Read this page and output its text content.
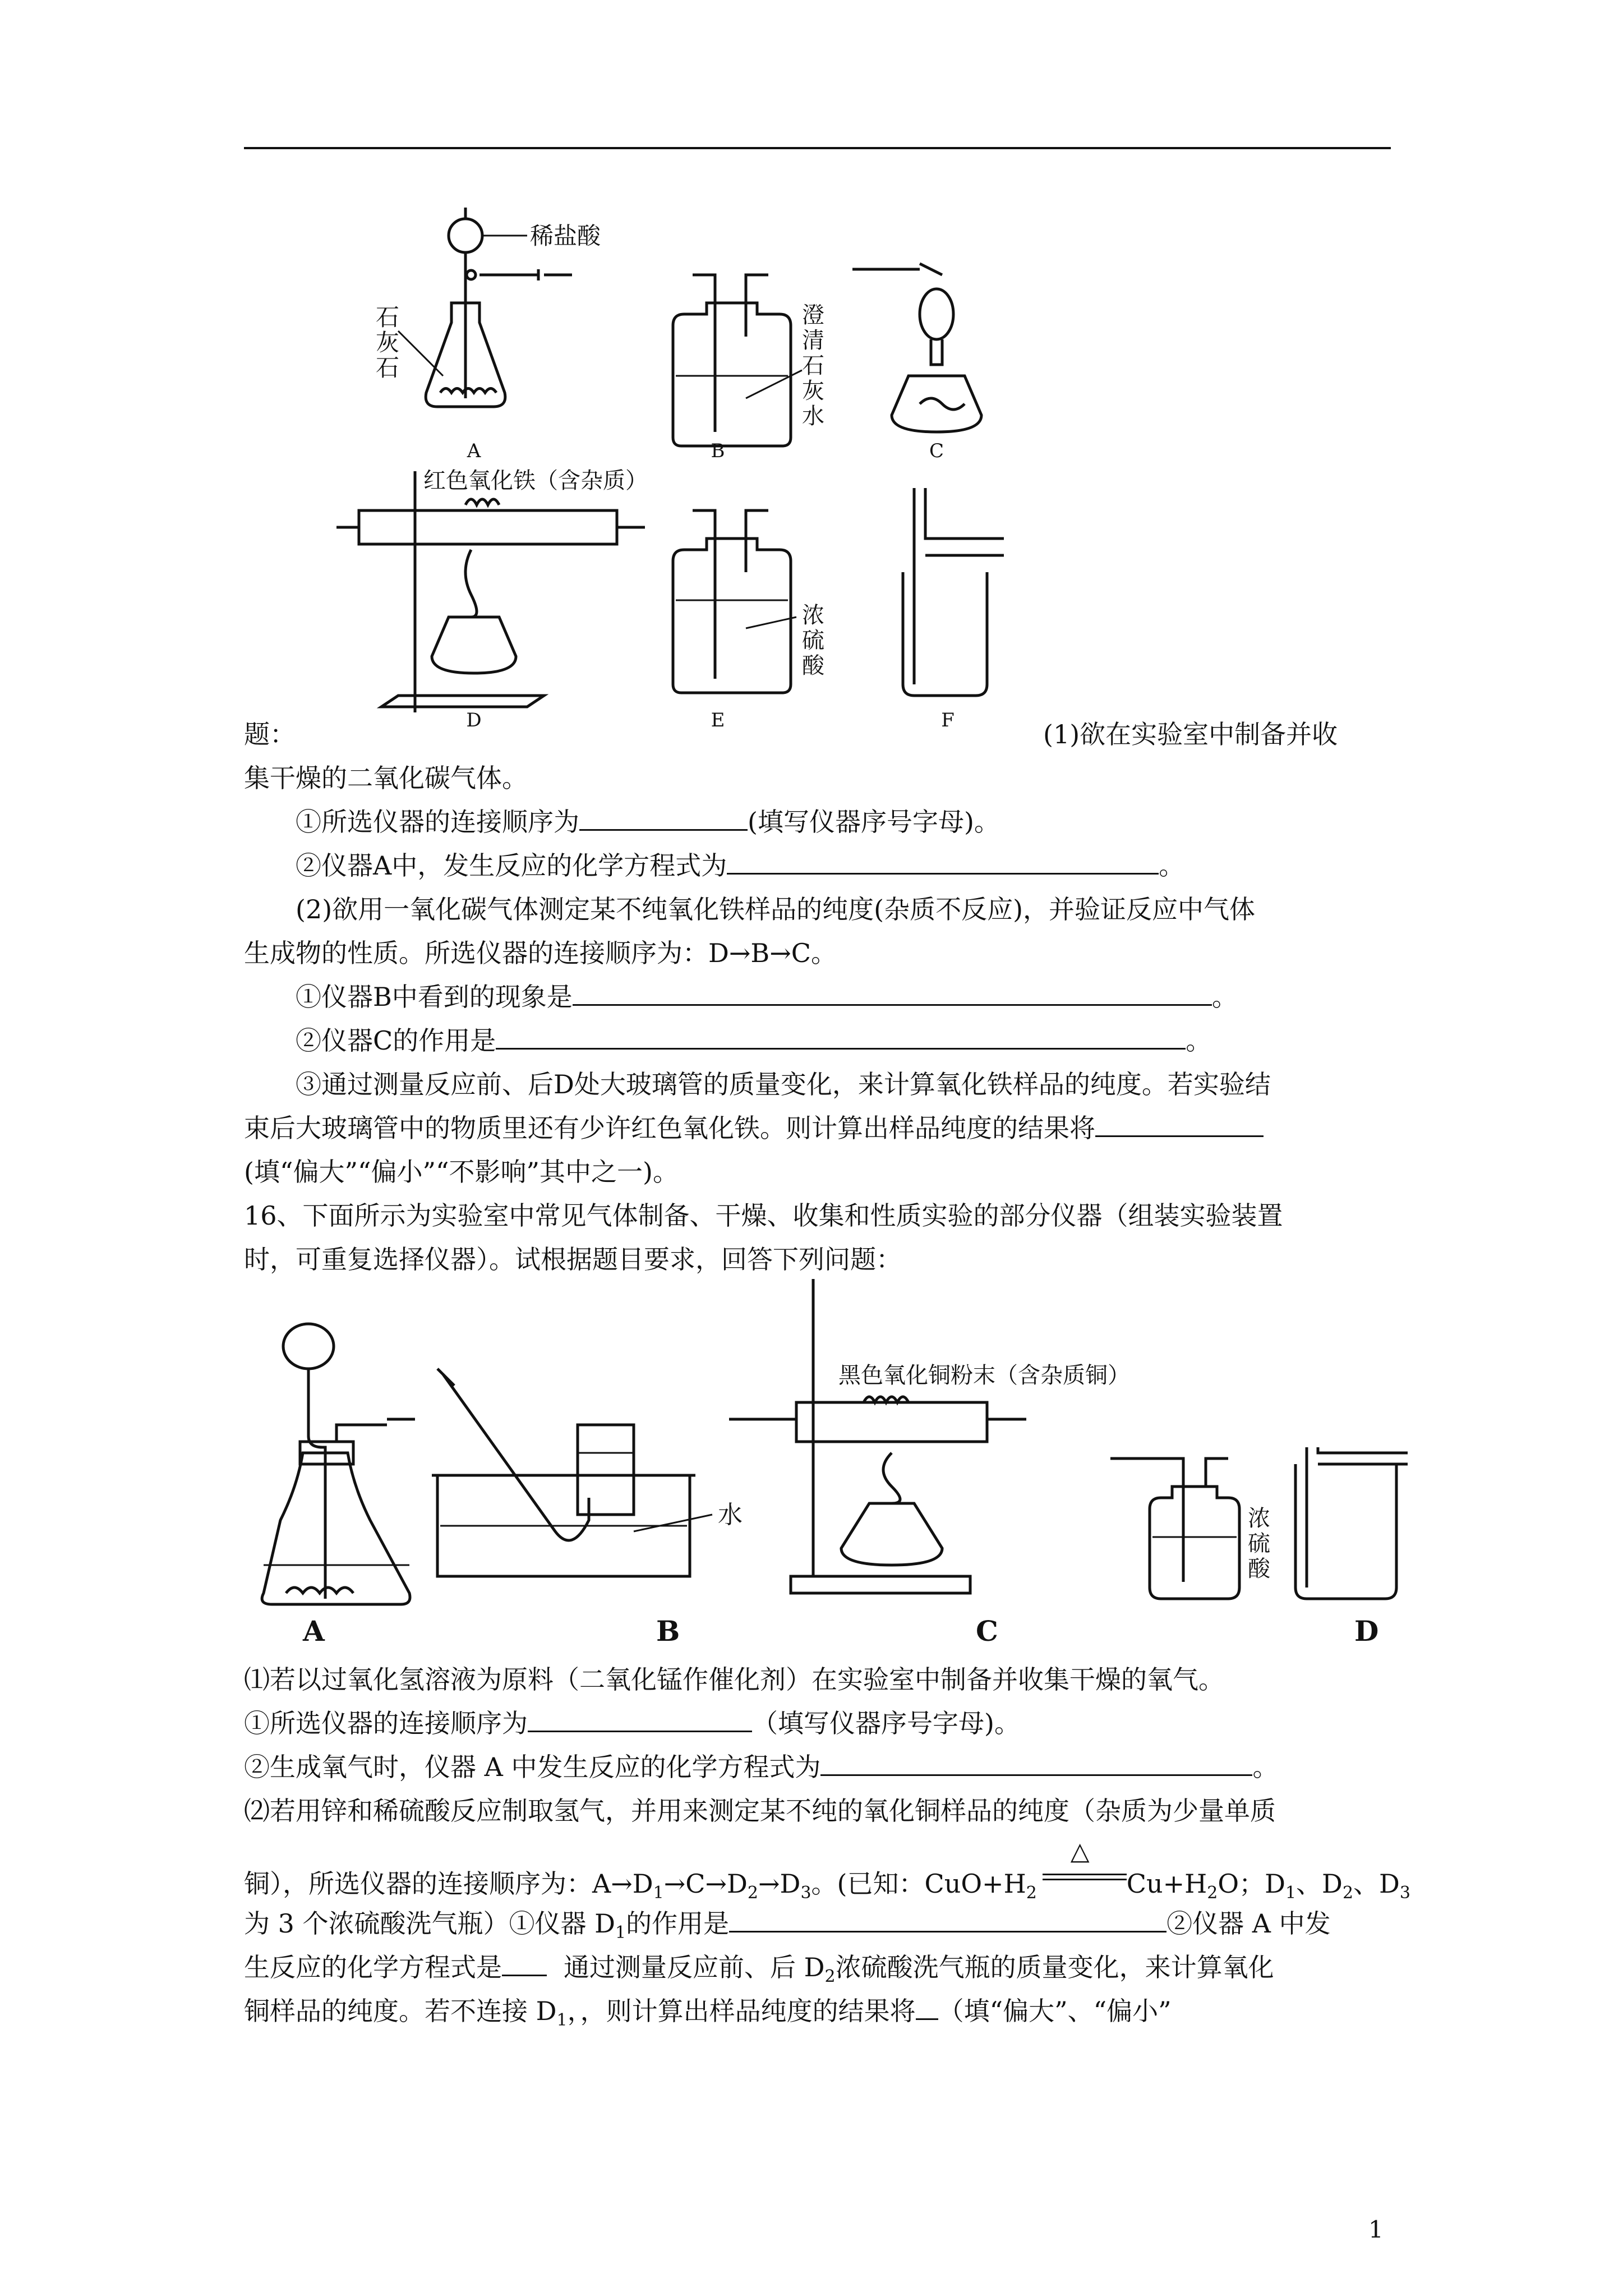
稀盐酸
石
灰
石
澄
清
石
灰
水
红色氧化铁（含杂质）
浓
硫
酸
A	B	C
D	E	F
题：	(1)欲在实验室中制备并收
集干燥的二氧化碳气体。
①所选仪器的连接顺序为	(填写仪器序号字母)。
②仪器A中，发生反应的化学方程式为	。
(2)欲用一氧化碳气体测定某不纯氧化铁样品的纯度(杂质不反应)，并验证反应中气体
生成物的性质。所选仪器的连接顺序为：D→B→C。
①仪器B中看到的现象是	。
②仪器C的作用是	。
③通过测量反应前、后D处大玻璃管的质量变化，来计算氧化铁样品的纯度。若实验结
束后大玻璃管中的物质里还有少许红色氧化铁。则计算出样品纯度的结果将
(填“偏大”“偏小”“不影响”其中之一)。
16、下面所示为实验室中常见气体制备、干燥、收集和性质实验的部分仪器（组装实验装置
时，可重复选择仪器）。试根据题目要求，回答下列问题：
黑色氧化铜粉末（含杂质铜）
水	浓
硫
酸
A	B	C	D
⑴若以过氧化氢溶液为原料（二氧化锰作催化剂）在实验室中制备并收集干燥的氧气。
①所选仪器的连接顺序为	（填写仪器序号字母)。
②生成氧气时，仪器 A 中发生反应的化学方程式为	。
⑵若用锌和稀硫酸反应制取氢气，并用来测定某不纯的氧化铜样品的纯度（杂质为少量单质
铜），所选仪器的连接顺序为：$A\to D_1\to C\to D_2\to D_3$。(已知：$CuO+H_2$
△
$Cu+H_2O$；$D_1$、$D_2$、$D_3$
为 3 个浓硫酸洗气瓶）①仪器 $D_1$的作用是	②仪器 A 中发
生反应的化学方程式是 通过测量反应前、后 $D_2$浓硫酸洗气瓶的质量变化，来计算氧化
铜样品的纯度。若不连接 $D_1$，，则计算出样品纯度的结果将 （填“偏大”、“偏小”
1
